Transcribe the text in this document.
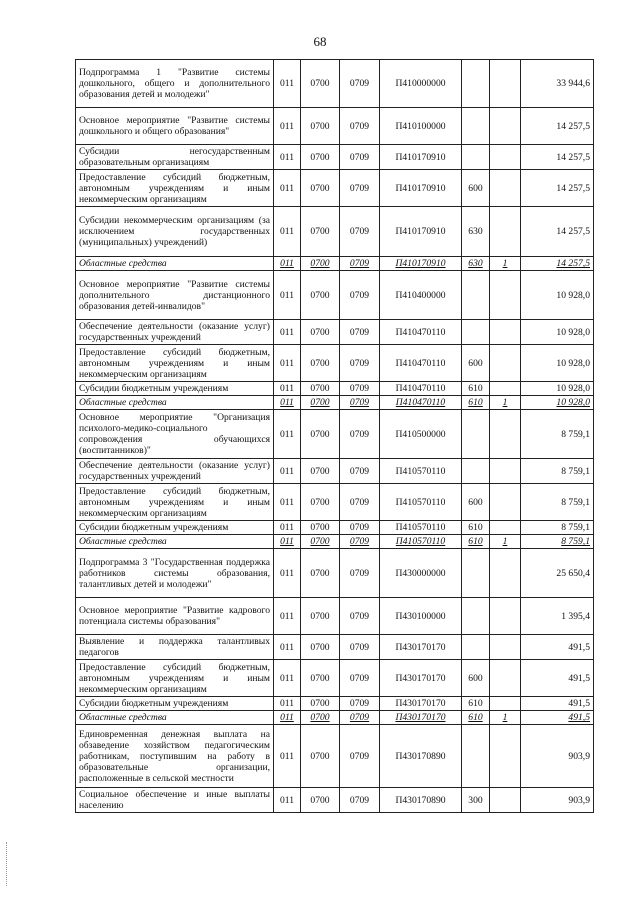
68
Подпрограмма 1 "Развитие системы дошкольного, общего и дополнительного образования детей и молодежи"	011	0700	0709	П410000000			33 944,6
Основное мероприятие "Развитие системы дошкольного и общего образования"	011	0700	0709	П410100000			14 257,5
Субсидии негосударственным образовательным организациям	011	0700	0709	П410170910			14 257,5
Предоставление субсидий бюджетным, автономным учреждениям и иным некоммерческим организациям	011	0700	0709	П410170910	600		14 257,5
Субсидии некоммерческим организациям (за исключением государственных (муниципальных) учреждений)	011	0700	0709	П410170910	630		14 257,5
Областные средства	011	0700	0709	П410170910	630	1	14 257,5
Основное мероприятие "Развитие системы дополнительного дистанционного образования детей-инвалидов"	011	0700	0709	П410400000			10 928,0
Обеспечение деятельности (оказание услуг) государственных учреждений	011	0700	0709	П410470110			10 928,0
Предоставление субсидий бюджетным, автономным учреждениям и иным некоммерческим организациям	011	0700	0709	П410470110	600		10 928,0
Субсидии бюджетным учреждениям	011	0700	0709	П410470110	610		10 928,0
Областные средства	011	0700	0709	П410470110	610	1	10 928,0
Основное мероприятие "Организация психолого-медико-социального сопровождения обучающихся (воспитанников)"	011	0700	0709	П410500000			8 759,1
Обеспечение деятельности (оказание услуг) государственных учреждений	011	0700	0709	П410570110			8 759,1
Предоставление субсидий бюджетным, автономным учреждениям и иным некоммерческим организациям	011	0700	0709	П410570110	600		8 759,1
Субсидии бюджетным учреждениям	011	0700	0709	П410570110	610		8 759,1
Областные средства	011	0700	0709	П410570110	610	1	8 759,1
Подпрограмма 3 "Государственная поддержка работников системы образования, талантливых детей и молодежи"	011	0700	0709	П430000000			25 650,4
Основное мероприятие "Развитие кадрового потенциала системы образования"	011	0700	0709	П430100000			1 395,4
Выявление и поддержка талантливых педагогов	011	0700	0709	П430170170			491,5
Предоставление субсидий бюджетным, автономным учреждениям и иным некоммерческим организациям	011	0700	0709	П430170170	600		491,5
Субсидии бюджетным учреждениям	011	0700	0709	П430170170	610		491,5
Областные средства	011	0700	0709	П430170170	610	1	491,5
Единовременная денежная выплата на обзаведение хозяйством педагогическим работникам, поступившим на работу в образовательные организации, расположенные в сельской местности	011	0700	0709	П430170890			903,9
Социальное обеспечение и иные выплаты населению	011	0700	0709	П430170890	300		903,9
